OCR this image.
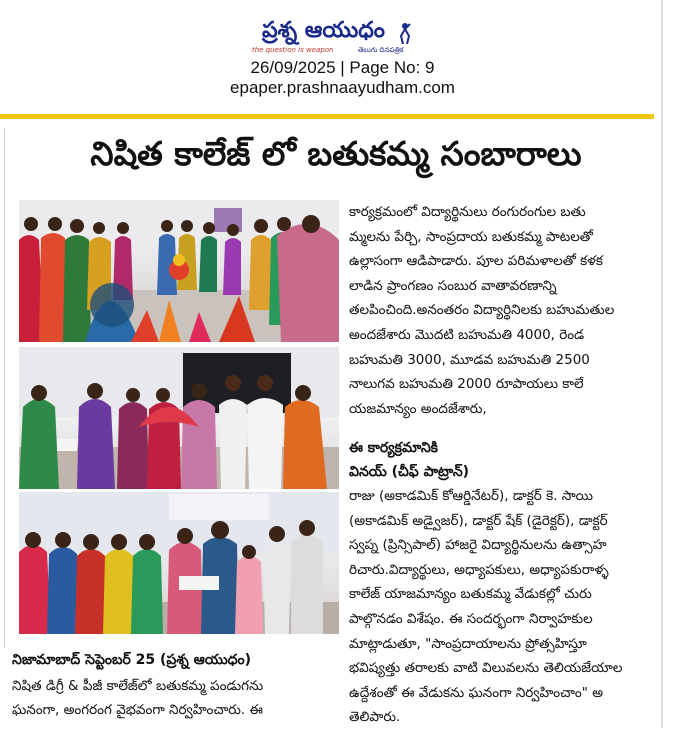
ప్రశ్న ఆయుధం
the question is weapon	తెలుగు దినపత్రిక
26/09/2025 | Page No: 9
epaper.prashnaayudham.com
నిషిత కాలేజ్ లో బతుకమ్మ సంబారాలు
కార్యక్రమంలో విద్యార్థినులు రంగురంగుల బతు
మ్మలను పేర్చి, సాంప్రదాయ బతుకమ్మ పాటలతో
ఉల్లాసంగా ఆడిపాడారు. పూల పరిమళాలతో కళక
లాడిన ప్రాంగణం సంబుర వాతావరణాన్ని
తలపించింది.అనంతరం విద్యార్థినిలకు బహుమతుల
అందజేశారు మొదటి బహుమతి 4000, రెండ
బహుమతి 3000, మూడవ బహుమతి 2500
నాలుగవ బహుమతి 2000 రూపాయలు కాలే
యజమాన్యం అందజేశారు,
ఈ కార్యక్రమానికి
వినయ్ (చీఫ్ పాట్రాన్)
రాజు (అకాడమిక్ కోఆర్డినేటర్), డాక్టర్ కె. సాయి
(అకాడమిక్ అడ్వైజర్), డాక్టర్ షేక్ (డైరెక్టర్), డాక్టర్
స్వప్న (ప్రిన్సిపాల్) హాజరై విద్యార్థినులను ఉత్సాహ
రిచారు.విద్యార్థులు, అధ్యాపకులు, అధ్యాపకురాళ్ళ
కాలేజ్ యాజమాన్యం బతుకమ్మ వేడుకల్లో చురు
పాల్గొనడం విశేషం. ఈ సందర్భంగా నిర్వాహకుల
మాట్లాడుతూ, "సాంప్రదాయాలను ప్రోత్సహిస్తూ
భవిష్యత్తు తరాలకు వాటి విలువలను తెలియజేయాల
ఉద్దేశంతో ఈ వేడుకను ఘనంగా నిర్వహించాం" అ
తెలిపారు.
నిజామాబాద్ సెప్టెంబర్ 25 (ప్రశ్న ఆయుధం)
నిషిత డిగ్రీ & పీజీ కాలేజ్‌లో బతుకమ్మ పండుగను
ఘనంగా, అంగరంగ వైభవంగా నిర్వహించారు. ఈ
